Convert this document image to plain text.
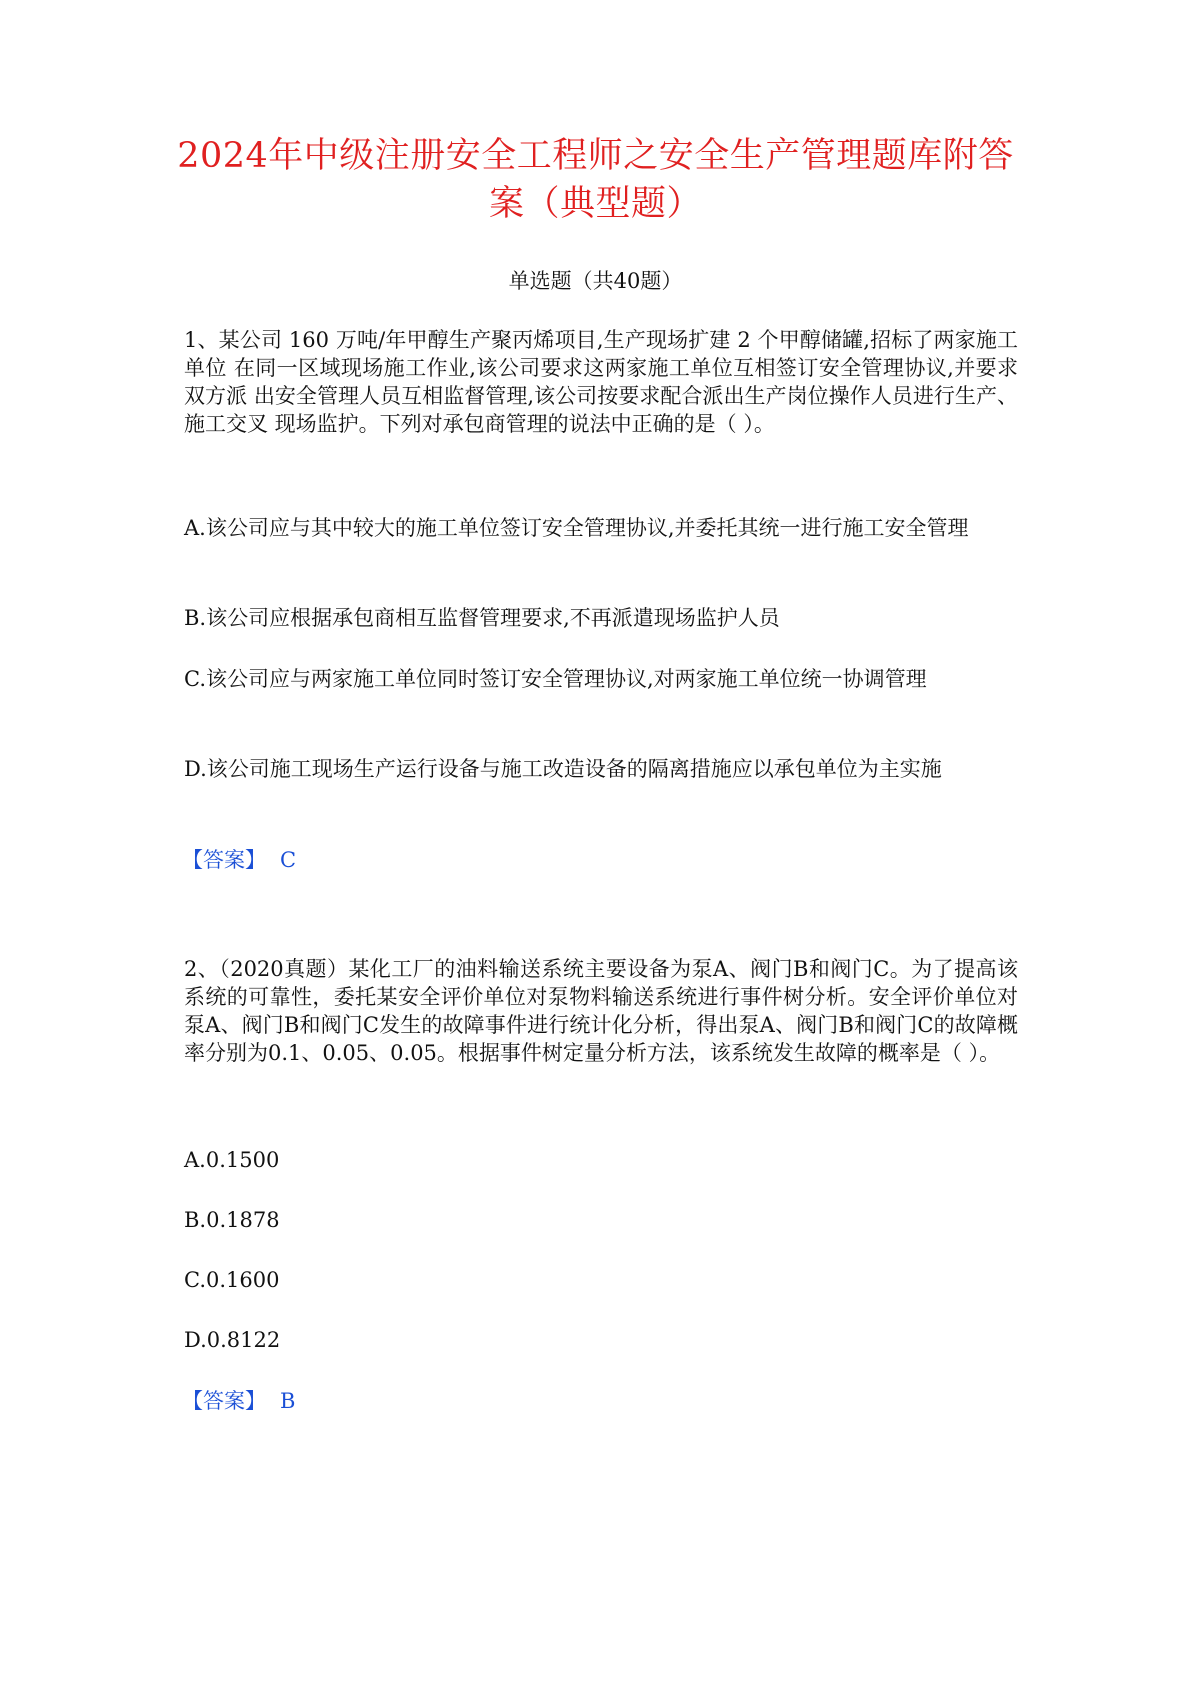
2024年中级注册安全工程师之安全生产管理题库附答案（典型题）
单选题（共40题）
1、某公司 160 万吨/年甲醇生产聚丙烯项目,生产现场扩建 2 个甲醇储罐,招标了两家施工单位 在同一区域现场施工作业,该公司要求这两家施工单位互相签订安全管理协议,并要求双方派 出安全管理人员互相监督管理,该公司按要求配合派出生产岗位操作人员进行生产、施工交叉 现场监护。下列对承包商管理的说法中正确的是（ ）。
A.该公司应与其中较大的施工单位签订安全管理协议,并委托其统一进行施工安全管理
B.该公司应根据承包商相互监督管理要求,不再派遣现场监护人员
C.该公司应与两家施工单位同时签订安全管理协议,对两家施工单位统一协调管理
D.该公司施工现场生产运行设备与施工改造设备的隔离措施应以承包单位为主实施
【答案】 C
2、（2020真题）某化工厂的油料输送系统主要设备为泵A、阀门B和阀门C。为了提高该系统的可靠性，委托某安全评价单位对泵物料输送系统进行事件树分析。安全评价单位对泵A、阀门B和阀门C发生的故障事件进行统计化分析，得出泵A、阀门B和阀门C的故障概率分别为0.1、0.05、0.05。根据事件树定量分析方法，该系统发生故障的概率是（ ）。
A.0.1500
B.0.1878
C.0.1600
D.0.8122
【答案】 B
